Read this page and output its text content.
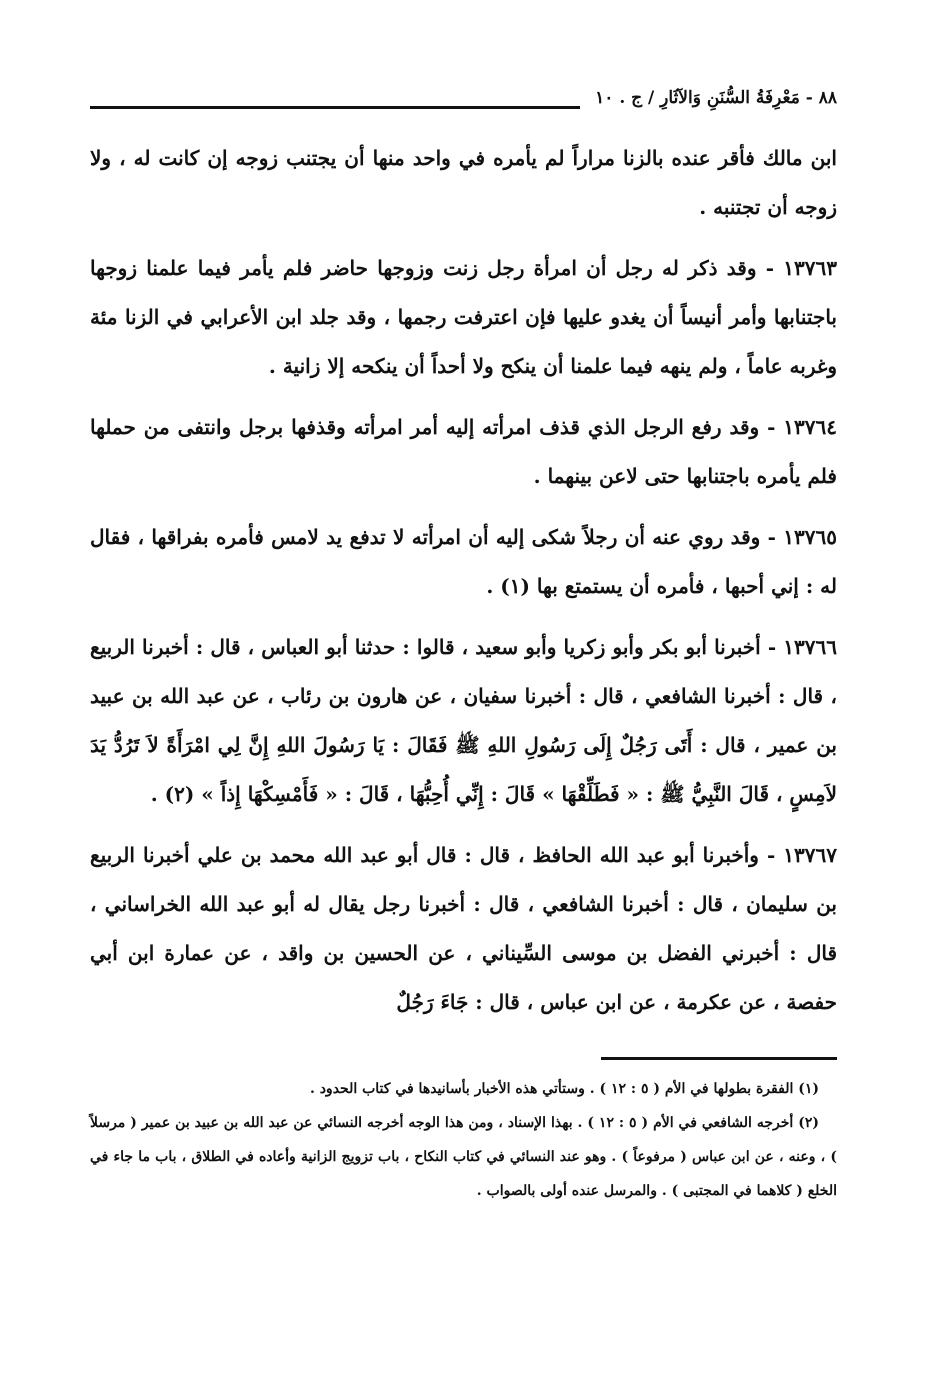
٨٨ - مَعْرِفَةُ السُّنَنِ وَالآثَارِ / ج . ١٠

ابن مالك فأقر عنده بالزنا مراراً لم يأمره في واحد منها أن يجتنب زوجه إن كانت له ، ولا زوجه أن تجتنبه .

١٣٧٦٣ - وقد ذكر له رجل أن امرأة رجل زنت وزوجها حاضر فلم يأمر فيما علمنا زوجها باجتنابها وأمر أنيساً أن يغدو عليها فإن اعترفت رجمها ، وقد جلد ابن الأعرابي في الزنا مئة وغربه عاماً ، ولم ينهه فيما علمنا أن ينكح ولا أحداً أن ينكحه إلا زانية .

١٣٧٦٤ - وقد رفع الرجل الذي قذف امرأته إليه أمر امرأته وقذفها برجل وانتفى من حملها فلم يأمره باجتنابها حتى لاعن بينهما .

١٣٧٦٥ - وقد روي عنه أن رجلاً شكى إليه أن امرأته لا تدفع يد لامس فأمره بفراقها ، فقال له : إني أحبها ، فأمره أن يستمتع بها (١) .

١٣٧٦٦ - أخبرنا أبو بكر وأبو زكريا وأبو سعيد ، قالوا : حدثنا أبو العباس ، قال : أخبرنا الربيع ، قال : أخبرنا الشافعي ، قال : أخبرنا سفيان ، عن هارون بن رئاب ، عن عبد الله بن عبيد بن عمير ، قال : أَتَى رَجُلٌ إِلَى رَسُولِ اللهِ ﷺ فَقَالَ : يَا رَسُولَ اللهِ إِنَّ لِي امْرَأَةً لاَ تَرُدُّ يَدَ لاَمِسٍ ، قَالَ النَّبِيُّ ﷺ : « فَطَلِّقْهَا » قَالَ : إِنِّي أُحِبُّهَا ، قَالَ : « فَأَمْسِكْهَا إِذاً » (٢) .

١٣٧٦٧ - وأخبرنا أبو عبد الله الحافظ ، قال : قال أبو عبد الله محمد بن علي أخبرنا الربيع بن سليمان ، قال : أخبرنا الشافعي ، قال : أخبرنا رجل يقال له أبو عبد الله الخراساني ، قال : أخبرني الفضل بن موسى السِّيناني ، عن الحسين بن واقد ، عن عمارة ابن أبي حفصة ، عن عكرمة ، عن ابن عباس ، قال : جَاءَ رَجُلٌ

(١) الفقرة بطولها في الأم ( ٥ : ١٢ ) . وستأتي هذه الأخبار بأسانيدها في كتاب الحدود .

(٢) أخرجه الشافعي في الأم ( ٥ : ١٢ ) . بهذا الإسناد ، ومن هذا الوجه أخرجه النسائي عن عبد الله بن عبيد بن عمير ( مرسلاً ) ، وعنه ، عن ابن عباس ( مرفوعاً ) . وهو عند النسائي في كتاب النكاح ، باب تزويج الزانية وأعاده في الطلاق ، باب ما جاء في الخلع ( كلاهما في المجتبى ) . والمرسل عنده أولى بالصواب .
